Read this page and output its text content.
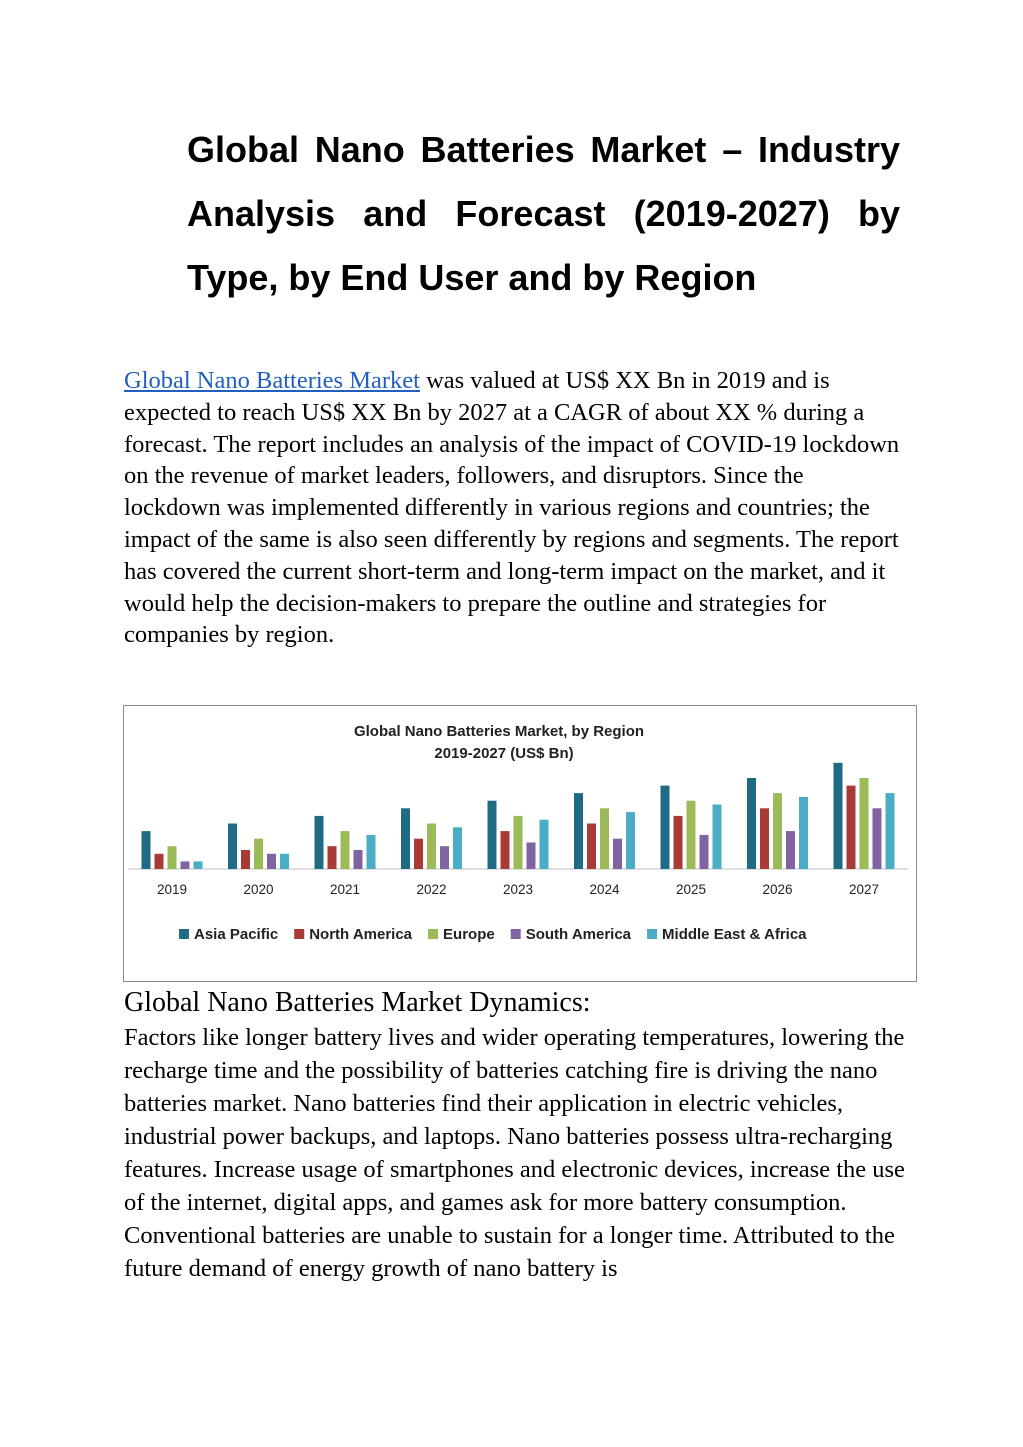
Global Nano Batteries Market – Industry Analysis and Forecast (2019-2027) by Type, by End User and by Region
Global Nano Batteries Market was valued at US$ XX Bn in 2019 and is expected to reach US$ XX Bn by 2027 at a CAGR of about XX % during a forecast. The report includes an analysis of the impact of COVID-19 lockdown on the revenue of market leaders, followers, and disruptors. Since the lockdown was implemented differently in various regions and countries; the impact of the same is also seen differently by regions and segments. The report has covered the current short-term and long-term impact on the market, and it would help the decision-makers to prepare the outline and strategies for companies by region.
Global Nano Batteries Market, by Region
2019-2027 (US$ Bn)
2019	2020	2021	2022	2023	2024	2025	2026	2027
Asia Pacific North America Europe South America Middle East & Africa
Global Nano Batteries Market Dynamics:
Factors like longer battery lives and wider operating temperatures, lowering the recharge time and the possibility of batteries catching fire is driving the nano batteries market. Nano batteries find their application in electric vehicles, industrial power backups, and laptops. Nano batteries possess ultra-recharging features. Increase usage of smartphones and electronic devices, increase the use of the internet, digital apps, and games ask for more battery consumption. Conventional batteries are unable to sustain for a longer time. Attributed to the future demand of energy growth of nano battery is
